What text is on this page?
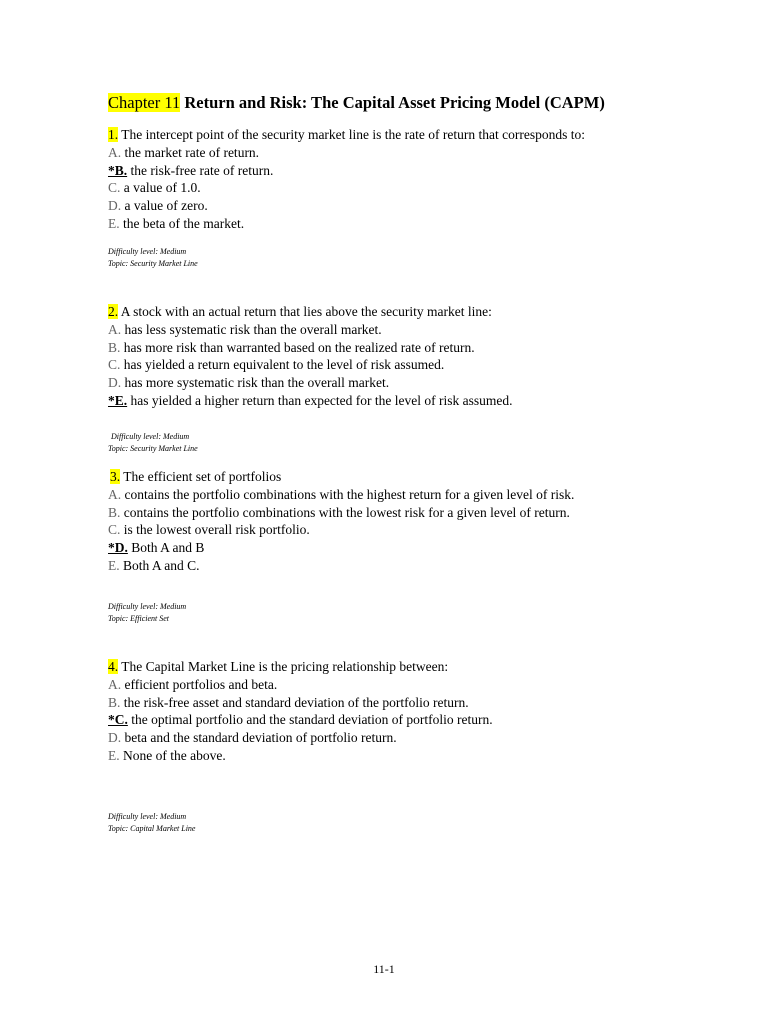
Chapter 11 Return and Risk: The Capital Asset Pricing Model (CAPM)
1. The intercept point of the security market line is the rate of return that corresponds to:
A. the market rate of return.
*B. the risk-free rate of return.
C. a value of 1.0.
D. a value of zero.
E. the beta of the market.
Difficulty level: Medium
Topic: Security Market Line
2. A stock with an actual return that lies above the security market line:
A. has less systematic risk than the overall market.
B. has more risk than warranted based on the realized rate of return.
C. has yielded a return equivalent to the level of risk assumed.
D. has more systematic risk than the overall market.
*E. has yielded a higher return than expected for the level of risk assumed.
Difficulty level: Medium
Topic: Security Market Line
3. The efficient set of portfolios
A. contains the portfolio combinations with the highest return for a given level of risk.
B. contains the portfolio combinations with the lowest risk for a given level of return.
C. is the lowest overall risk portfolio.
*D. Both A and B
E. Both A and C.
Difficulty level: Medium
Topic: Efficient Set
4. The Capital Market Line is the pricing relationship between:
A. efficient portfolios and beta.
B. the risk-free asset and standard deviation of the portfolio return.
*C. the optimal portfolio and the standard deviation of portfolio return.
D. beta and the standard deviation of portfolio return.
E. None of the above.
Difficulty level: Medium
Topic: Capital Market Line
11-1
